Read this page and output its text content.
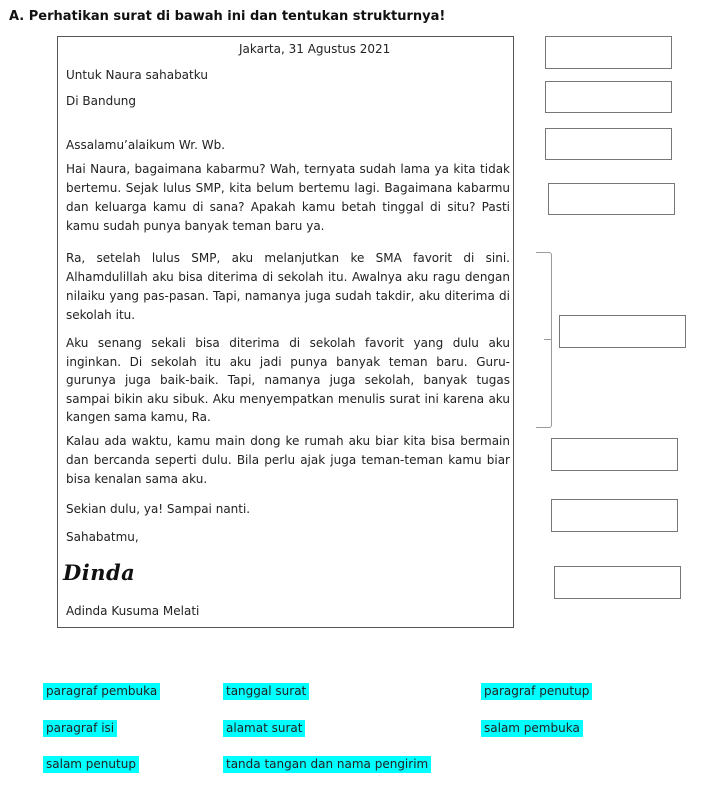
A. Perhatikan surat di bawah ini dan tentukan strukturnya!
Jakarta, 31 Agustus 2021
Untuk Naura sahabatku
Di Bandung
Assalamu’alaikum Wr. Wb.
Hai Naura, bagaimana kabarmu? Wah, ternyata sudah lama ya kita tidak bertemu. Sejak lulus SMP, kita belum bertemu lagi. Bagaimana kabarmu dan keluarga kamu di sana? Apakah kamu betah tinggal di situ? Pasti kamu sudah punya banyak teman baru ya.
Ra, setelah lulus SMP, aku melanjutkan ke SMA favorit di sini. Alhamdulillah aku bisa diterima di sekolah itu. Awalnya aku ragu dengan nilaiku yang pas-pasan. Tapi, namanya juga sudah takdir, aku diterima di sekolah itu.
Aku senang sekali bisa diterima di sekolah favorit yang dulu aku inginkan. Di sekolah itu aku jadi punya banyak teman baru. Guru-gurunya juga baik-baik. Tapi, namanya juga sekolah, banyak tugas sampai bikin aku sibuk. Aku menyempatkan menulis surat ini karena aku kangen sama kamu, Ra.
Kalau ada waktu, kamu main dong ke rumah aku biar kita bisa bermain dan bercanda seperti dulu. Bila perlu ajak juga teman-teman kamu biar bisa kenalan sama aku.
Sekian dulu, ya! Sampai nanti.
Sahabatmu,
Dinda
Adinda Kusuma Melati
paragraf pembuka	tanggal surat	paragraf penutup
paragraf isi	alamat surat	salam pembuka
salam penutup	tanda tangan dan nama pengirim
